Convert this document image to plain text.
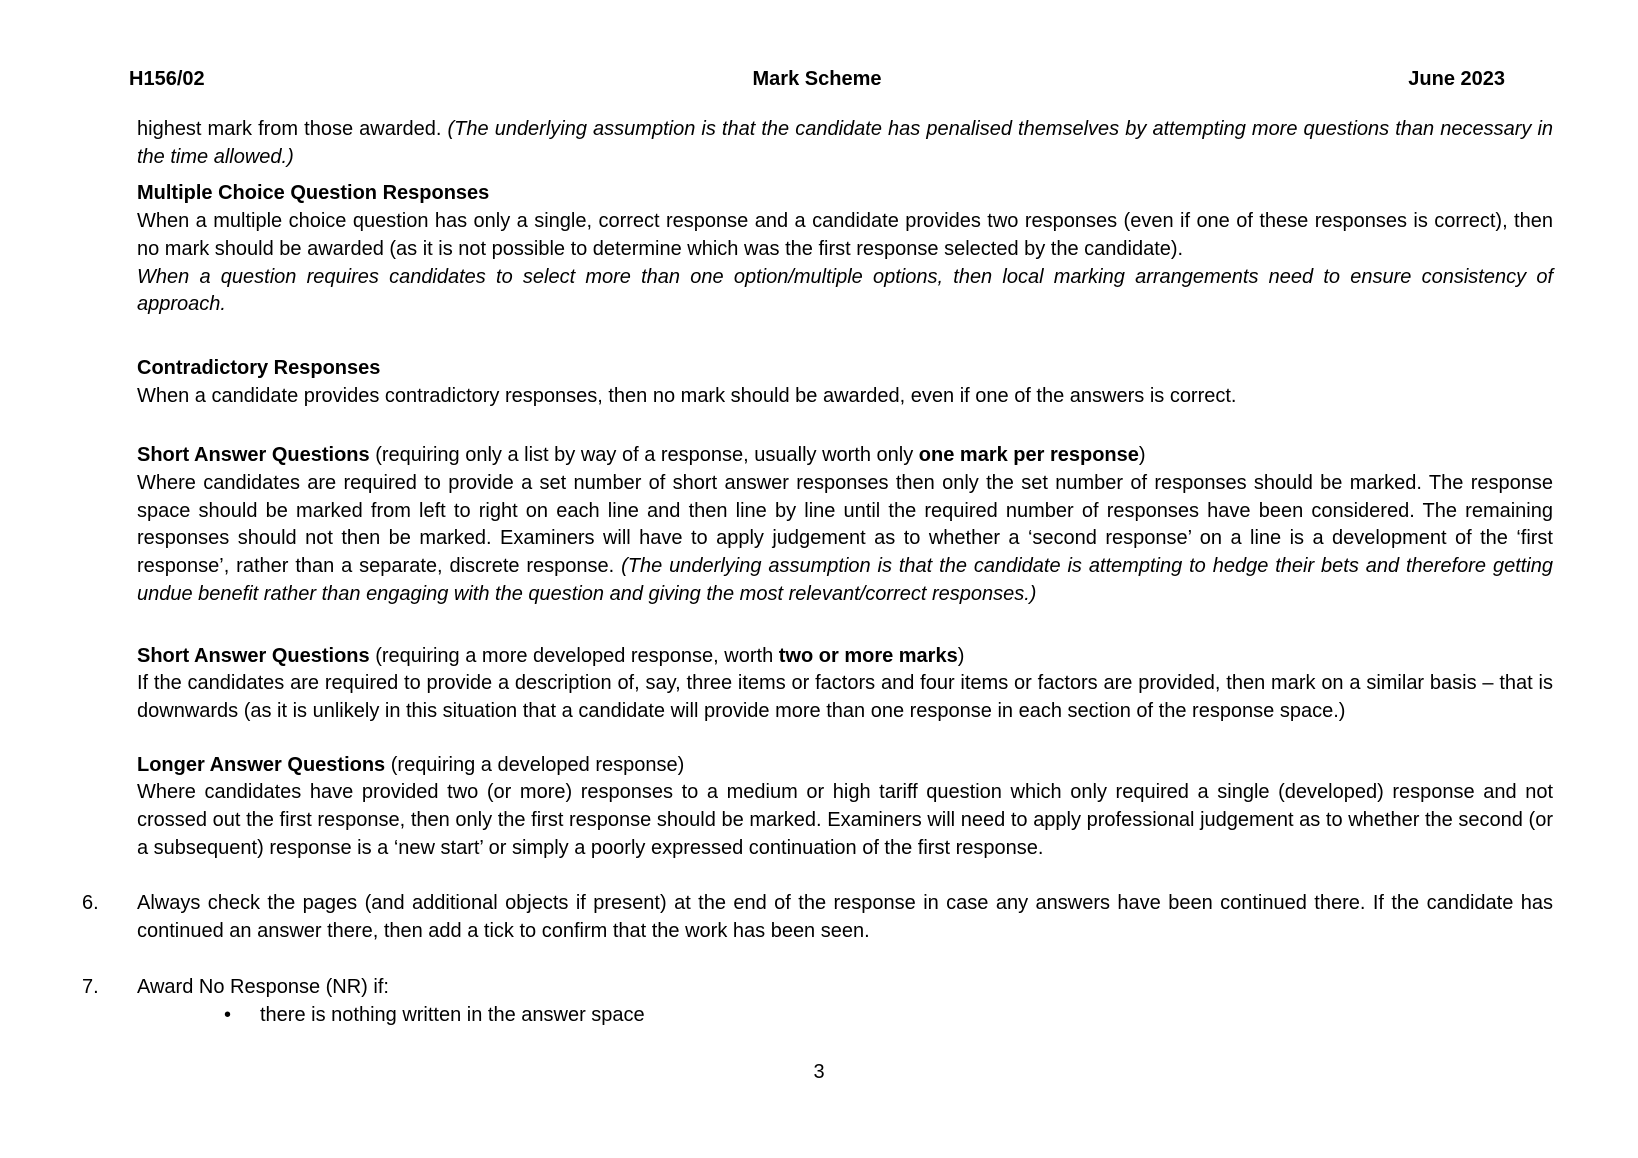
H156/02	Mark Scheme	June 2023

highest mark from those awarded. (The underlying assumption is that the candidate has penalised themselves by attempting more questions than necessary in the time allowed.)

Multiple Choice Question Responses

When a multiple choice question has only a single, correct response and a candidate provides two responses (even if one of these responses is correct), then no mark should be awarded (as it is not possible to determine which was the first response selected by the candidate).

When a question requires candidates to select more than one option/multiple options, then local marking arrangements need to ensure consistency of approach.

Contradictory Responses

When a candidate provides contradictory responses, then no mark should be awarded, even if one of the answers is correct.

Short Answer Questions (requiring only a list by way of a response, usually worth only one mark per response)

Where candidates are required to provide a set number of short answer responses then only the set number of responses should be marked. The response space should be marked from left to right on each line and then line by line until the required number of responses have been considered. The remaining responses should not then be marked. Examiners will have to apply judgement as to whether a ‘second response’ on a line is a development of the ‘first response’, rather than a separate, discrete response. (The underlying assumption is that the candidate is attempting to hedge their bets and therefore getting undue benefit rather than engaging with the question and giving the most relevant/correct responses.)

Short Answer Questions (requiring a more developed response, worth two or more marks)

If the candidates are required to provide a description of, say, three items or factors and four items or factors are provided, then mark on a similar basis – that is downwards (as it is unlikely in this situation that a candidate will provide more than one response in each section of the response space.)

Longer Answer Questions (requiring a developed response)

Where candidates have provided two (or more) responses to a medium or high tariff question which only required a single (developed) response and not crossed out the first response, then only the first response should be marked. Examiners will need to apply professional judgement as to whether the second (or a subsequent) response is a ‘new start’ or simply a poorly expressed continuation of the first response.

6. Always check the pages (and additional objects if present) at the end of the response in case any answers have been continued there. If the candidate has continued an answer there, then add a tick to confirm that the work has been seen.
7. Award No Response (NR) if:
• there is nothing written in the answer space
3
